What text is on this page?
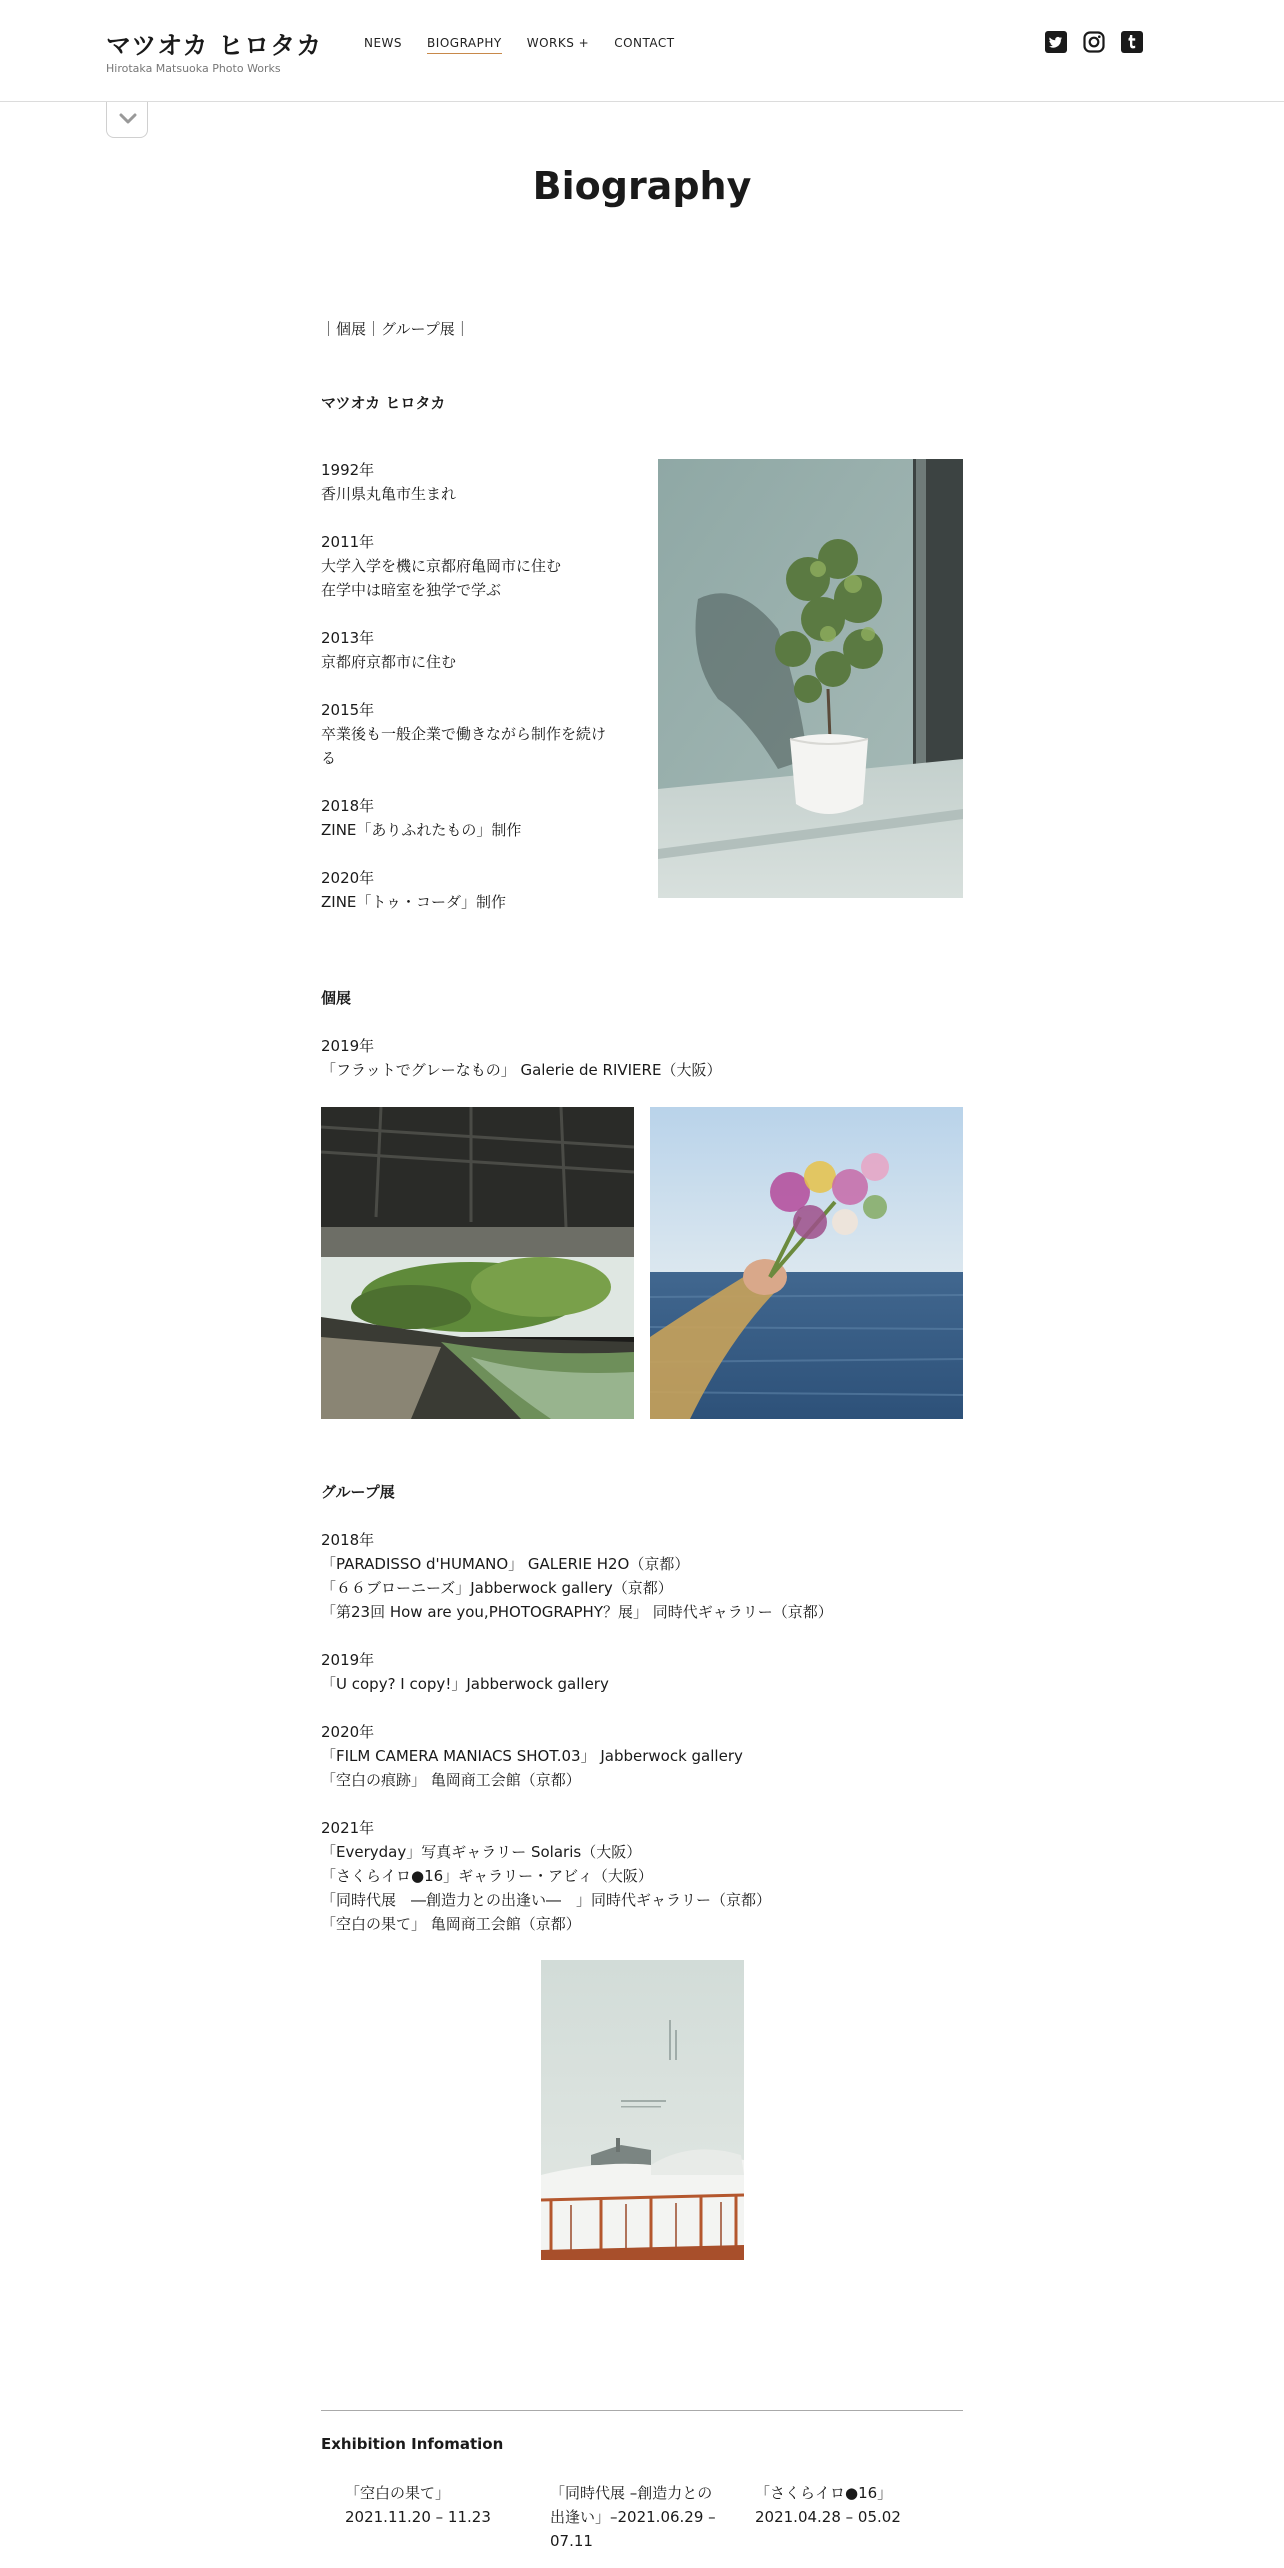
マツオカ ヒロタカ
Hirotaka Matsuoka Photo Works
NEWS BIOGRAPHY WORKS + CONTACT
Biography

｜個展｜グループ展｜

マツオカ ヒロタカ

1992年

香川県丸亀市生まれ

2011年

大学入学を機に京都府亀岡市に住む

在学中は暗室を独学で学ぶ

2013年

京都府京都市に住む

2015年

卒業後も一般企業で働きながら制作を続け

る

2018年

ZINE「ありふれたもの」制作

2020年

ZINE「トゥ・コーダ」制作

個展

2019年

「フラットでグレーなもの」 Galerie de RIVIERE（大阪）

グループ展

2018年

「PARADISSO d'HUMANO」 GALERIE H2O（京都）

「６６ブローニーズ」Jabberwock gallery（京都）

「第23回 How are you,PHOTOGRAPHY？展」 同時代ギャラリー（京都）

2019年

「U copy? I copy!」Jabberwock gallery

2020年

「FILM CAMERA MANIACS SHOT.03」 Jabberwock gallery

「空白の痕跡」 亀岡商工会館（京都）

2021年

「Everyday」写真ギャラリー Solaris（大阪）

「さくらイロ●16」ギャラリー・アビィ（大阪）

「同時代展　―創造力との出逢い―　」同時代ギャラリー（京都）

「空白の果て」 亀岡商工会館（京都）

Exhibition Infomation

「空白の果て」

2021.11.20 – 11.23

「同時代展 –創造力との

出逢い」–2021.06.29 –

07.11

「さくらイロ●16」

2021.04.28 – 05.02
